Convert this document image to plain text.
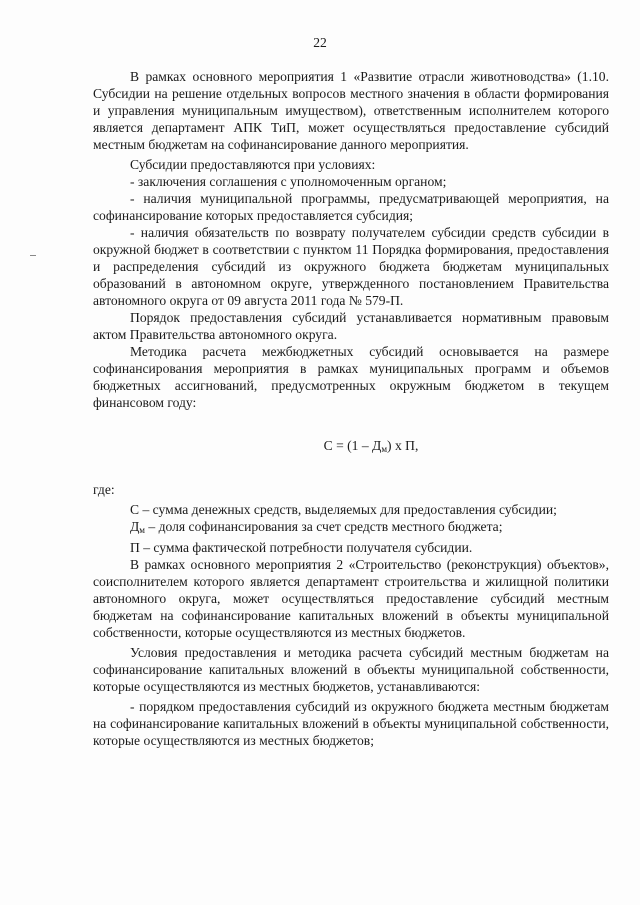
22

В рамках основного мероприятия 1 «Развитие отрасли животноводства» (1.10. Субсидии на решение отдельных вопросов местного значения в области формирования и управления муниципальным имуществом), ответственным исполнителем которого является департамент АПК ТиП, может осуществляться предоставление субсидий местным бюджетам на софинансирование данного мероприятия.

Субсидии предоставляются при условиях:

- заключения соглашения с уполномоченным органом;

- наличия муниципальной программы, предусматривающей мероприятия, на софинансирование которых предоставляется субсидия;

- наличия обязательств по возврату получателем субсидии средств субсидии в окружной бюджет в соответствии с пунктом 11 Порядка формирования, предоставления и распределения субсидий из окружного бюджета бюджетам муниципальных образований в автономном округе, утвержденного постановлением Правительства автономного округа от 09 августа 2011 года № 579-П.

Порядок предоставления субсидий устанавливается нормативным правовым актом Правительства автономного округа.

Методика расчета межбюджетных субсидий основывается на размере софинансирования мероприятия в рамках муниципальных программ и объемов бюджетных ассигнований, предусмотренных окружным бюджетом в текущем финансовом году:

$С = (1 - Д_м)$ х П,

где:

С – сумма денежных средств, выделяемых для предоставления субсидии;

$Д_м$ – доля софинансирования за счет средств местного бюджета;

П – сумма фактической потребности получателя субсидии.

В рамках основного мероприятия 2 «Строительство (реконструкция) объектов», соисполнителем которого является департамент строительства и жилищной политики автономного округа, может осуществляться предоставление субсидий местным бюджетам на софинансирование капитальных вложений в объекты муниципальной собственности, которые осуществляются из местных бюджетов.

Условия предоставления и методика расчета субсидий местным бюджетам на софинансирование капитальных вложений в объекты муниципальной собственности, которые осуществляются из местных бюджетов, устанавливаются:

- порядком предоставления субсидий из окружного бюджета местным бюджетам на софинансирование капитальных вложений в объекты муниципальной собственности, которые осуществляются из местных бюджетов;
